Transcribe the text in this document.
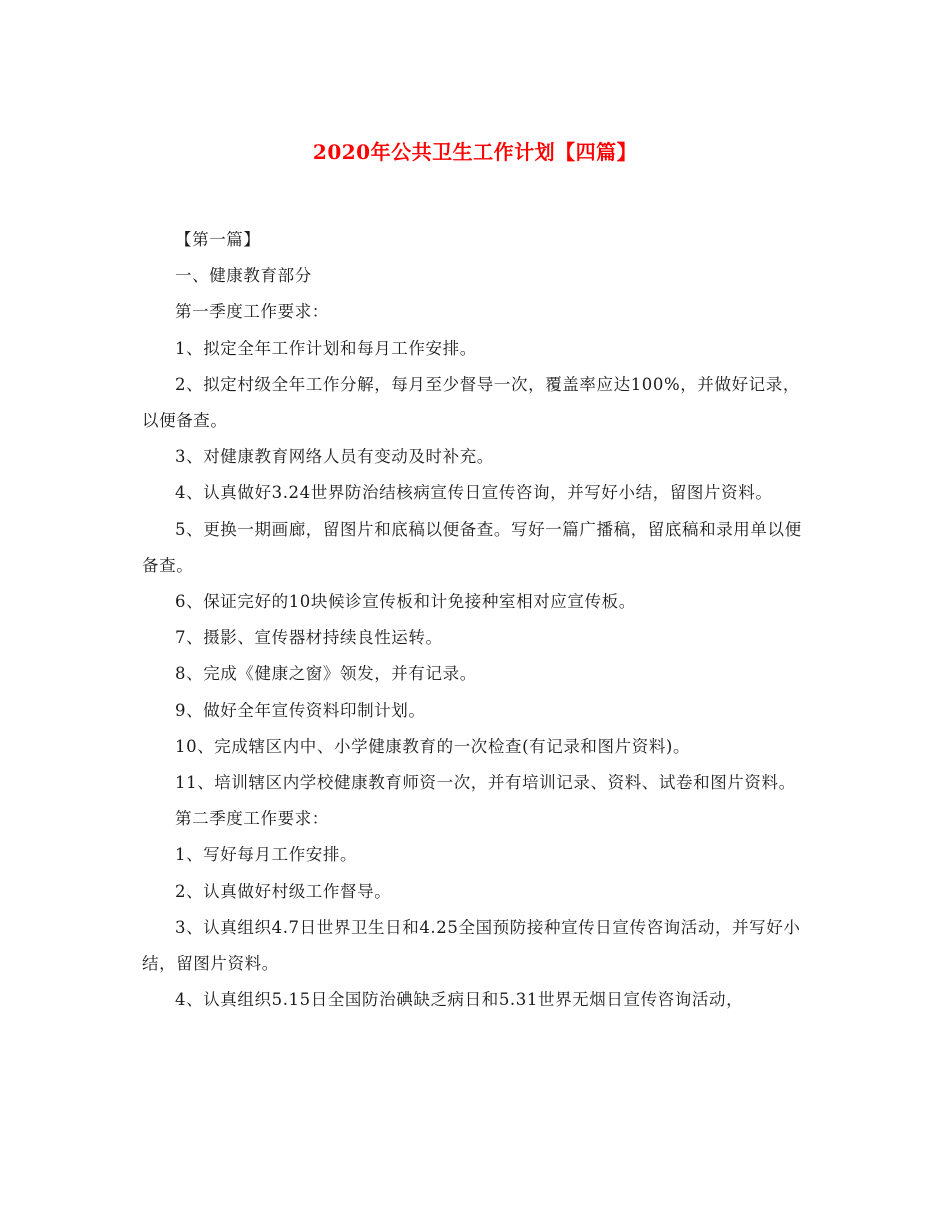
2020年公共卫生工作计划【四篇】

【第一篇】

一、健康教育部分

第一季度工作要求：

1、拟定全年工作计划和每月工作安排。

2、拟定村级全年工作分解，每月至少督导一次，覆盖率应达100%，并做好记录，以便备查。

3、对健康教育网络人员有变动及时补充。

4、认真做好3.24世界防治结核病宣传日宣传咨询，并写好小结，留图片资料。

5、更换一期画廊，留图片和底稿以便备查。写好一篇广播稿，留底稿和录用单以便备查。

6、保证完好的10块候诊宣传板和计免接种室相对应宣传板。

7、摄影、宣传器材持续良性运转。

8、完成《健康之窗》领发，并有记录。

9、做好全年宣传资料印制计划。

10、完成辖区内中、小学健康教育的一次检查(有记录和图片资料)。

11、培训辖区内学校健康教育师资一次，并有培训记录、资料、试卷和图片资料。

第二季度工作要求：

1、写好每月工作安排。

2、认真做好村级工作督导。

3、认真组织4.7日世界卫生日和4.25全国预防接种宣传日宣传咨询活动，并写好小结，留图片资料。

4、认真组织5.15日全国防治碘缺乏病日和5.31世界无烟日宣传咨询活动，
